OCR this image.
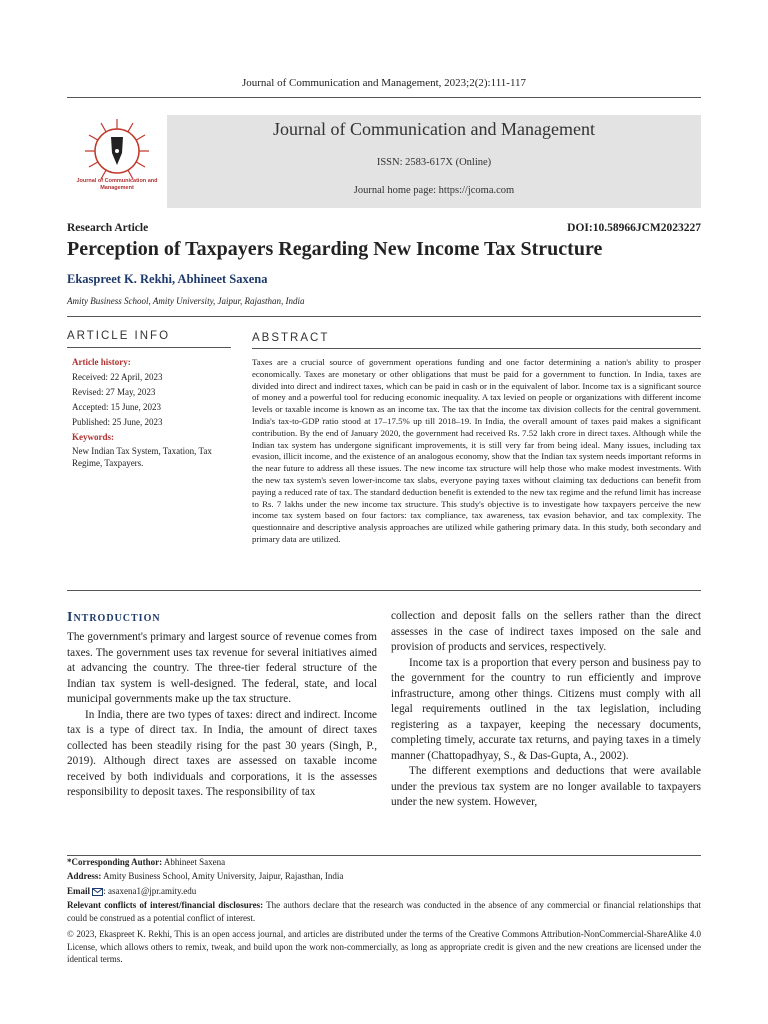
Journal of Communication and Management, 2023;2(2):111-117
Journal of Communication and Management
Journal of Communication and Management
ISSN: 2583-617X (Online)
Journal home page: https://jcoma.com
Research Article	DOI:10.58966JCM2023227
Perception of Taxpayers Regarding New Income Tax Structure
Ekaspreet K. Rekhi, Abhineet Saxena
Amity Business School, Amity University, Jaipur, Rajasthan, India
ARTICLE INFO	ABSTRACT
Article history:
Received: 22 April, 2023
Revised: 27 May, 2023
Accepted: 15 June, 2023
Published: 25 June, 2023
Keywords:
New Indian Tax System, Taxation, Tax Regime, Taxpayers.
Taxes are a crucial source of government operations funding and one factor determining a nation's ability to prosper economically. Taxes are monetary or other obligations that must be paid for a government to function. In India, taxes are divided into direct and indirect taxes, which can be paid in cash or in the equivalent of labor. Income tax is a significant source of money and a powerful tool for reducing economic inequality. A tax levied on people or organizations with different income levels or taxable income is known as an income tax. The tax that the income tax division collects for the central government. India's tax-to-GDP ratio stood at 17–17.5% up till 2018–19. In India, the overall amount of taxes paid makes a significant contribution. By the end of January 2020, the government had received Rs. 7.52 lakh crore in direct taxes. Although while the Indian tax system has undergone significant improvements, it is still very far from being ideal. Many issues, including tax evasion, illicit income, and the existence of an analogous economy, show that the Indian tax system needs important reforms in the near future to address all these issues. The new income tax structure will help those who make modest investments. With the new tax system's seven lower-income tax slabs, everyone paying taxes without claiming tax deductions can benefit from paying a reduced rate of tax. The standard deduction benefit is extended to the new tax regime and the refund limit has increase to Rs. 7 lakhs under the new income tax structure. This study's objective is to investigate how taxpayers perceive the new income tax system based on four factors: tax compliance, tax awareness, tax evasion behavior, and tax complexity. The questionnaire and descriptive analysis approaches are utilized while gathering primary data. In this study, both secondary and primary data are utilized.
Introduction

The government's primary and largest source of revenue comes from taxes. The government uses tax revenue for several initiatives aimed at advancing the country. The three-tier federal structure of the Indian tax system is well-designed. The federal, state, and local municipal governments make up the tax structure.

In India, there are two types of taxes: direct and indirect. Income tax is a type of direct tax. In India, the amount of direct taxes collected has been steadily rising for the past 30 years (Singh, P., 2019). Although direct taxes are assessed on taxable income received by both individuals and corporations, it is the assesses responsibility to deposit taxes. The responsibility of tax

collection and deposit falls on the sellers rather than the direct assesses in the case of indirect taxes imposed on the sale and provision of products and services, respectively.

Income tax is a proportion that every person and business pay to the government for the country to run efficiently and improve infrastructure, among other things. Citizens must comply with all legal requirements outlined in the tax legislation, including registering as a taxpayer, keeping the necessary documents, completing timely, accurate tax returns, and paying taxes in a timely manner (Chattopadhyay, S., & Das-Gupta, A., 2002).

The different exemptions and deductions that were available under the previous tax system are no longer available to taxpayers under the new system. However,

*Corresponding Author: Abhineet Saxena
Address: Amity Business School, Amity University, Jaipur, Rajasthan, India
Email : asaxena1@jpr.amity.edu
Relevant conflicts of interest/financial disclosures: The authors declare that the research was conducted in the absence of any commercial or financial relationships that could be construed as a potential conflict of interest.
© 2023, Ekaspreet K. Rekhi, This is an open access journal, and articles are distributed under the terms of the Creative Commons Attribution-NonCommercial-ShareAlike 4.0 License, which allows others to remix, tweak, and build upon the work non-commercially, as long as appropriate credit is given and the new creations are licensed under the identical terms.
